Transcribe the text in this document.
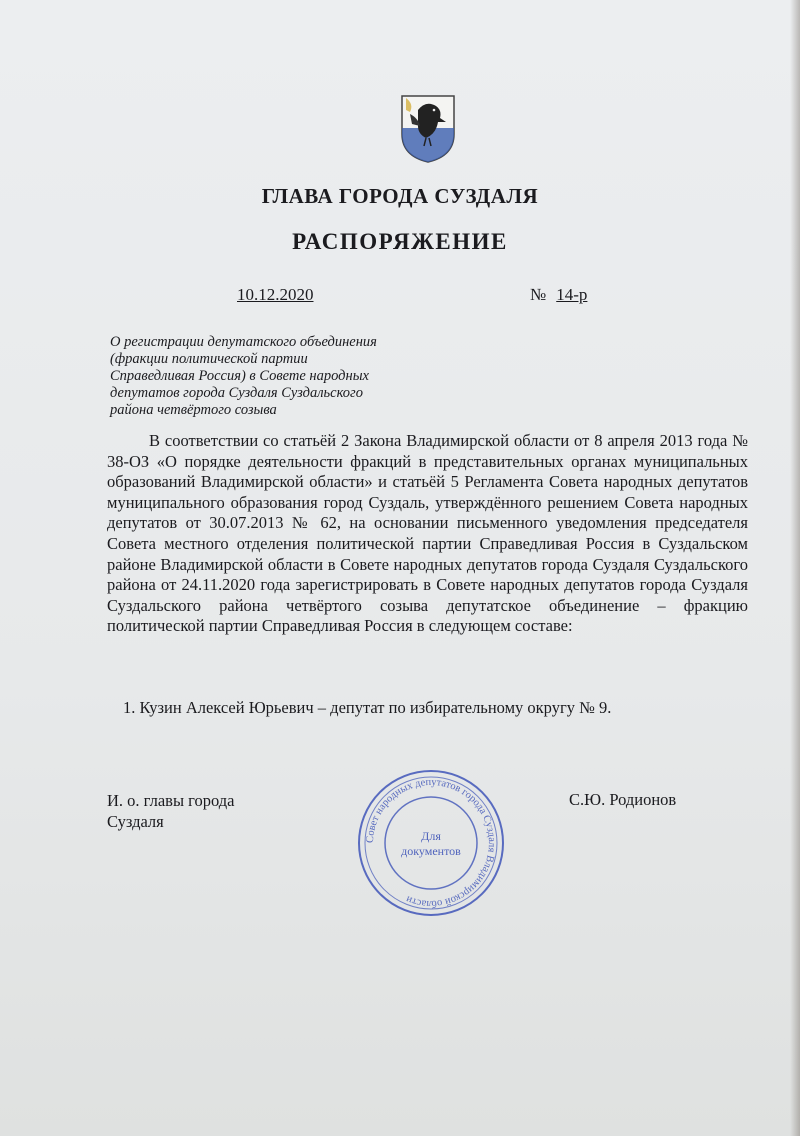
ГЛАВА ГОРОДА СУЗДАЛЯ
РАСПОРЯЖЕНИЕ
10.12.2020	№ 14-р
О регистрации депутатского объединения
(фракции политической партии
Справедливая Россия) в Совете народных
депутатов города Суздаля Суздальского
района четвёртого созыва
В соответствии со статьёй 2 Закона Владимирской области от 8 апреля 2013 года № 38-ОЗ «О порядке деятельности фракций в представительных органах муниципальных образований Владимирской области» и статьёй 5 Регламента Совета народных депутатов муниципального образования город Суздаль, утверждённого решением Совета народных депутатов от 30.07.2013 № 62, на основании письменного уведомления председателя Совета местного отделения политической партии Справедливая Россия в Суздальском районе Владимирской области в Совете народных депутатов города Суздаля Суздальского района от 24.11.2020 года зарегистрировать в Совете народных депутатов города Суздаля Суздальского района четвёртого созыва депутатское объединение – фракцию политической партии Справедливая Россия в следующем составе:
1. Кузин Алексей Юрьевич – депутат по избирательному округу № 9.
И. о. главы города
Суздаля
Совет народных депутатов города Суздаля Владимирской области
Для
документов
С.Ю. Родионов
